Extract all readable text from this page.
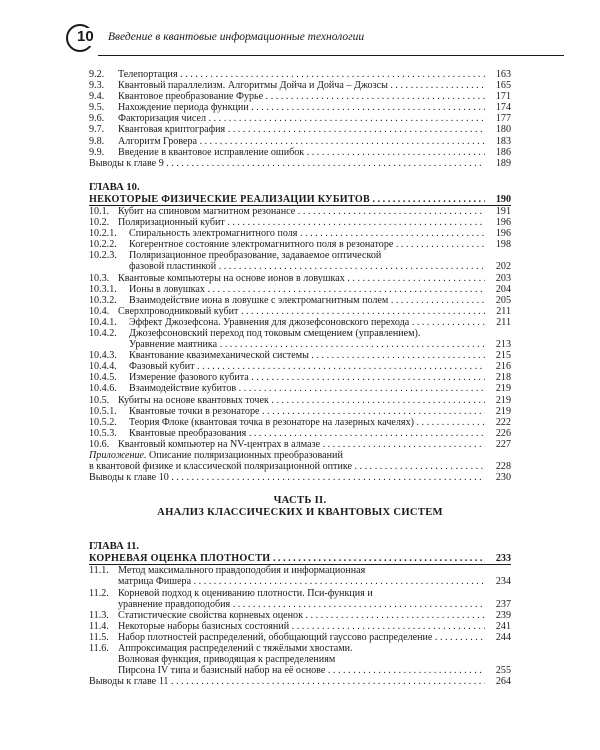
10 Введение в квантовые информационные технологии
9.2. Телепортация . . .	163
9.3. Квантовый параллелизм. Алгоритмы Дойча и Дойча – Джозсы . . .	165
9.4. Квантовое преобразование Фурье . . .	171
9.5. Нахождение периода функции . . .	174
9.6. Факторизация чисел . . .	177
9.7. Квантовая криптография . . .	180
9.8. Алгоритм Гровера . . .	183
9.9. Введение в квантовое исправление ошибок . . .	186
Выводы к главе 9 . . .	189
ГЛАВА 10.
НЕКОТОРЫЕ ФИЗИЧЕСКИЕ РЕАЛИЗАЦИИ КУБИТОВ . . .	190
10.1. Кубит на спиновом магнитном резонансе . . .	191
10.2. Поляризационный кубит . . .	196
10.2.1. Спиральность электромагнитного поля . . .	196
10.2.2. Когерентное состояние электромагнитного поля в резонаторе . . .	198
10.2.3. Поляризационное преобразование, задаваемое оптической
фазовой пластинкой . . .	202
10.3. Квантовые компьютеры на основе ионов в ловушках . . .	203
10.3.1. Ионы в ловушках . . .	204
10.3.2. Взаимодействие иона в ловушке с электромагнитным полем . . .	205
10.4. Сверхпроводниковый кубит . . .	211
10.4.1. Эффект Джозефсона. Уравнения для джозефсоновского перехода . . .	211
10.4.2. Джозефсоновский переход под токовым смещением (управлением).
Уравнение маятника . . .	213
10.4.3. Квантование квазимеханической системы . . .	215
10.4.4. Фазовый кубит . . .	216
10.4.5. Измерение фазового кубита . . .	218
10.4.6. Взаимодействие кубитов . . .	219
10.5. Кубиты на основе квантовых точек . . .	219
10.5.1. Квантовые точки в резонаторе . . .	219
10.5.2. Теория Флоке (квантовая точка в резонаторе на лазерных качелях) . . .	222
10.5.3. Квантовые преобразования . . .	226
10.6. Квантовый компьютер на NV-центрах в алмазе . . .	227
Приложение. Описание поляризационных преобразований
в квантовой физике и классической поляризационной оптике . . .	228
Выводы к главе 10 . . .	230
ЧАСТЬ II.
АНАЛИЗ КЛАССИЧЕСКИХ И КВАНТОВЫХ СИСТЕМ
ГЛАВА 11.
КОРНЕВАЯ ОЦЕНКА ПЛОТНОСТИ . . .	233
11.1. Метод максимального правдоподобия и информационная
матрица Фишера . . .	234
11.2. Корневой подход к оцениванию плотности. Пси-функция и
уравнение правдоподобия . . .	237
11.3. Статистические свойства корневых оценок . . .	239
11.4. Некоторые наборы базисных состояний . . .	241
11.5. Набор плотностей распределений, обобщающий гауссово распределение . . .	244
11.6. Аппроксимация распределений с тяжёлыми хвостами.
Волновая функция, приводящая к распределениям
Пирсона IV типа и базисный набор на её основе . . .	255
Выводы к главе 11 . . .	264
